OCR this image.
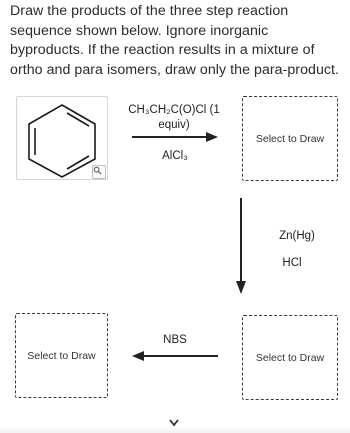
Draw the products of the three step reaction sequence shown below. Ignore inorganic byproducts. If the reaction results in a mixture of ortho and para isomers, draw only the para-product.
CH₃CH₂C(O)Cl (1
equiv)
AlCl₃
Select to Draw
Zn(Hg)
HCl
Select to Draw
NBS
Select to Draw
